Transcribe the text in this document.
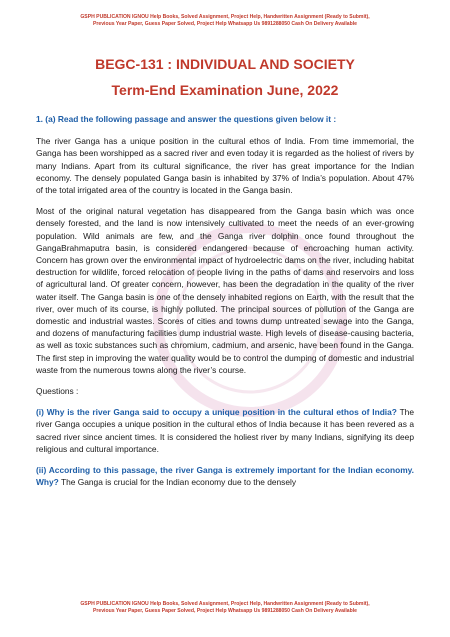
GSPH PUBLICATION IGNOU Help Books, Solved Assignment, Project Help, Handwritten Assignment (Ready to Submit),
Previous Year Paper, Guess Paper Solved, Project Help Whatsapp Us 9891288050 Cash On Delivery Available
BEGC-131 : INDIVIDUAL AND SOCIETY
Term-End Examination June, 2022
1. (a) Read the following passage and answer the questions given below it :

The river Ganga has a unique position in the cultural ethos of India. From time immemorial, the Ganga has been worshipped as a sacred river and even today it is regarded as the holiest of rivers by many Indians. Apart from its cultural significance, the river has great importance for the Indian economy. The densely populated Ganga basin is inhabited by 37% of India’s population. About 47% of the total irrigated area of the country is located in the Ganga basin.

Most of the original natural vegetation has disappeared from the Ganga basin which was once densely forested, and the land is now intensively cultivated to meet the needs of an ever-growing population. Wild animals are few, and the Ganga river dolphin once found throughout the GangaBrahmaputra basin, is considered endangered because of encroaching human activity. Concern has grown over the environmental impact of hydroelectric dams on the river, including habitat destruction for wildlife, forced relocation of people living in the paths of dams and reservoirs and loss of agricultural land. Of greater concern, however, has been the degradation in the quality of the river water itself. The Ganga basin is one of the densely inhabited regions on Earth, with the result that the river, over much of its course, is highly polluted. The principal sources of pollution of the Ganga are domestic and industrial wastes. Scores of cities and towns dump untreated sewage into the Ganga, and dozens of manufacturing facilities dump industrial waste. High levels of disease-causing bacteria, as well as toxic substances such as chromium, cadmium, and arsenic, have been found in the Ganga. The first step in improving the water quality would be to control the dumping of domestic and industrial waste from the numerous towns along the river’s course.

Questions :

(i) Why is the river Ganga said to occupy a unique position in the cultural ethos of India? The river Ganga occupies a unique position in the cultural ethos of India because it has been revered as a sacred river since ancient times. It is considered the holiest river by many Indians, signifying its deep religious and cultural importance.

(ii) According to this passage, the river Ganga is extremely important for the Indian economy. Why? The Ganga is crucial for the Indian economy due to the densely

GSPH PUBLICATION IGNOU Help Books, Solved Assignment, Project Help, Handwritten Assignment (Ready to Submit),
Previous Year Paper, Guess Paper Solved, Project Help Whatsapp Us 9891288050 Cash On Delivery Available
